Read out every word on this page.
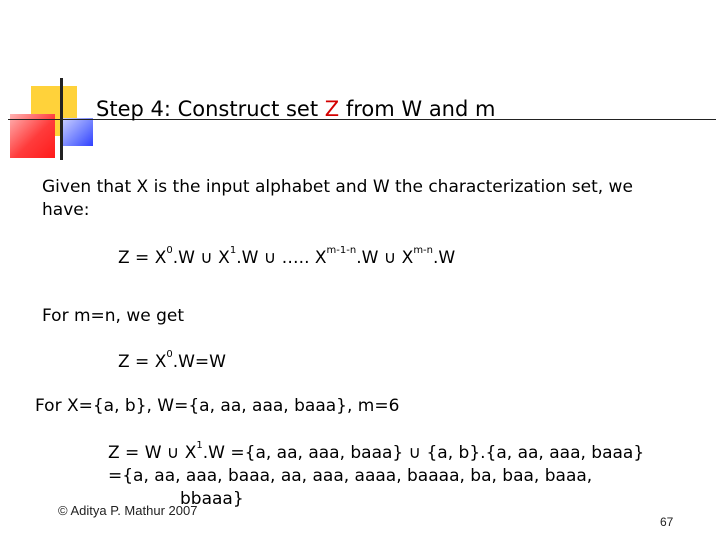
Step 4: Construct set Z from W and m
Given that X is the input alphabet and W the characterization set, we
have:
$Z = X^0.W$ ∪ $X^1.W$ ∪ ….. $X^{m-1-n}.W$ ∪ $X^{m-n}.W$
For m=n, we get
$Z = X^0.W=W$
For X={a, b}, W={a, aa, aaa, baaa}, m=6
Z = W ∪ $X^1.W =\{a$, aa, aaa, baaa} ∪ {a, b}.{a, aa, aaa, baaa}
={a, aa, aaa, baaa, aa, aaa, aaaa, baaaa, ba, baa, baaa,
bbaaa}
© Aditya P. Mathur 2007
67
